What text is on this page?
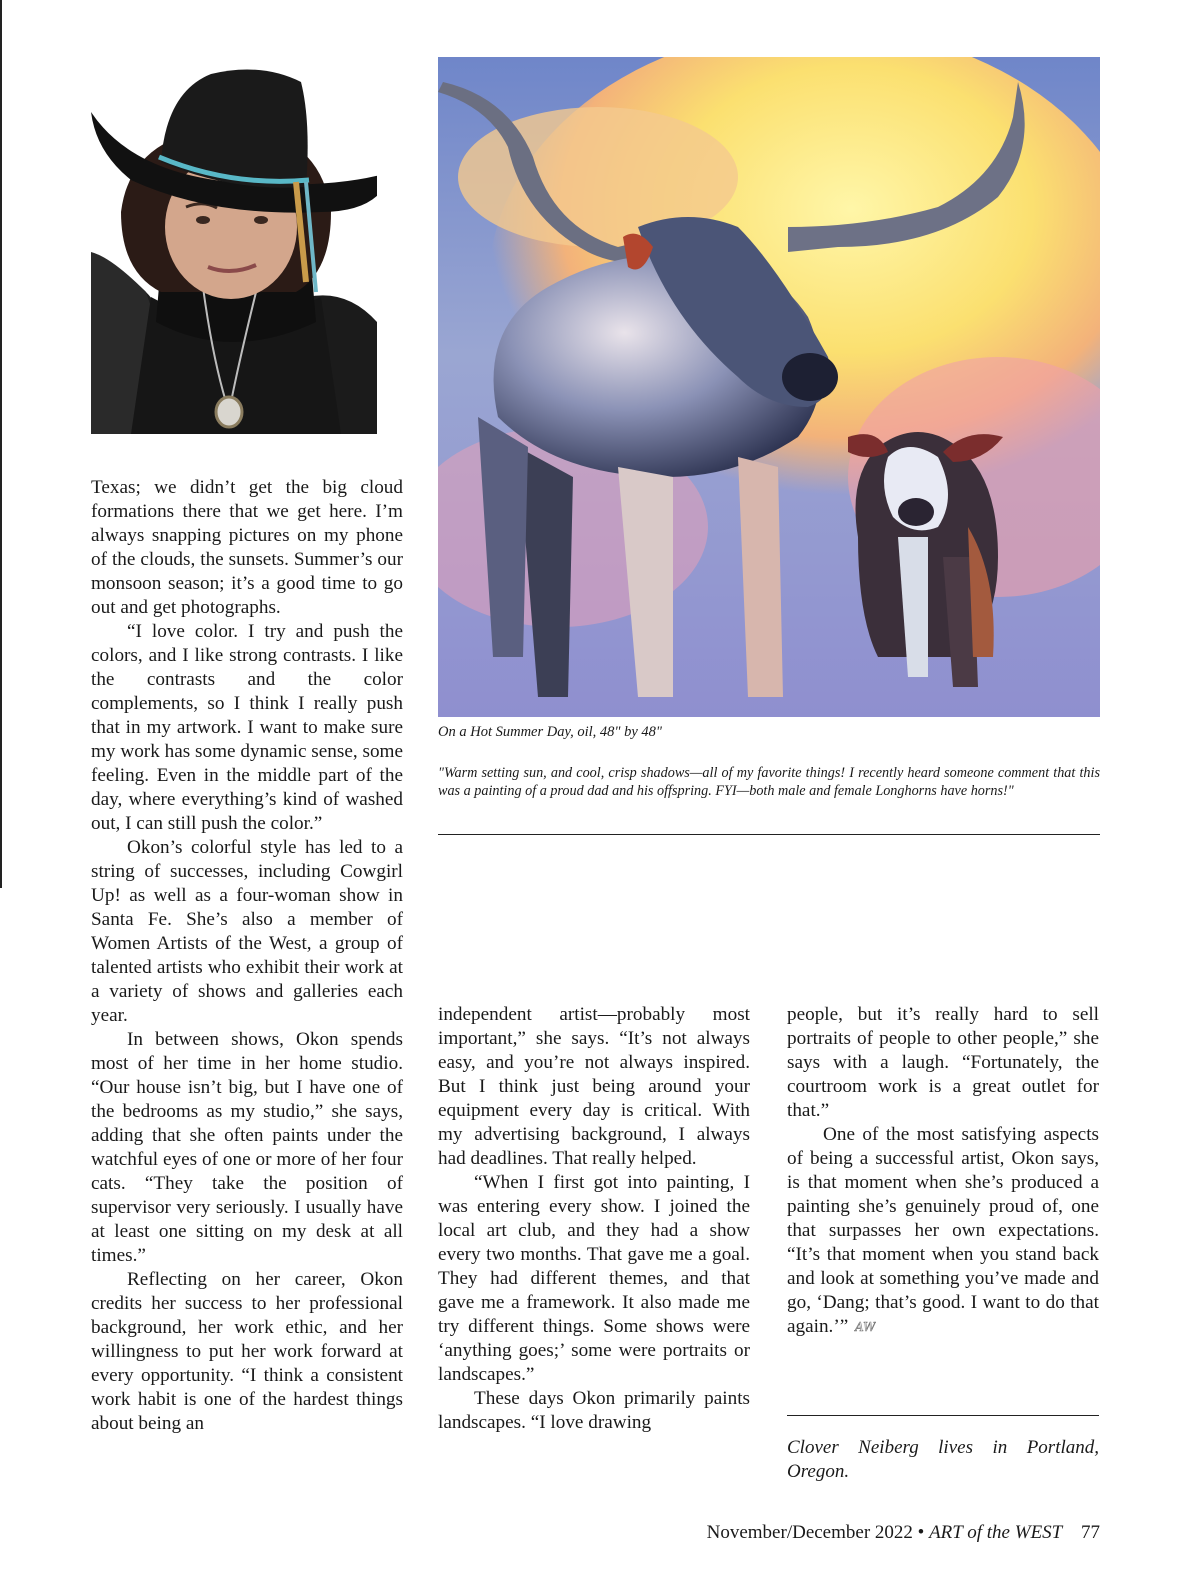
On a Hot Summer Day, oil, 48" by 48"
"Warm setting sun, and cool, crisp shadows—all of my favorite things! I recently heard someone comment that this was a painting of a proud dad and his offspring. FYI—both male and female Longhorns have horns!"

Texas; we didn’t get the big cloud formations there that we get here. I’m always snapping pictures on my phone of the clouds, the sunsets. Summer’s our monsoon season; it’s a good time to go out and get photographs.

“I love color. I try and push the colors, and I like strong contrasts. I like the contrasts and the color complements, so I think I really push that in my artwork. I want to make sure my work has some dynamic sense, some feeling. Even in the middle part of the day, where everything’s kind of washed out, I can still push the color.”

Okon’s colorful style has led to a string of successes, including Cowgirl Up! as well as a four-woman show in Santa Fe. She’s also a member of Women Artists of the West, a group of talented artists who exhibit their work at a variety of shows and galleries each year.

In between shows, Okon spends most of her time in her home studio. “Our house isn’t big, but I have one of the bedrooms as my studio,” she says, adding that she often paints under the watchful eyes of one or more of her four cats. “They take the position of supervisor very seriously. I usually have at least one sitting on my desk at all times.”

Reflecting on her career, Okon credits her success to her professional background, her work ethic, and her willingness to put her work forward at every opportunity. “I think a consistent work habit is one of the hardest things about being an

independent artist—probably most important,” she says. “It’s not always easy, and you’re not always inspired. But I think just being around your equipment every day is critical. With my advertising background, I always had deadlines. That really helped.

“When I first got into painting, I was entering every show. I joined the local art club, and they had a show every two months. That gave me a goal. They had different themes, and that gave me a framework. It also made me try different things. Some shows were ‘anything goes;’ some were portraits or landscapes.”

These days Okon primarily paints landscapes. “I love drawing

people, but it’s really hard to sell portraits of people to other people,” she says with a laugh. “Fortunately, the courtroom work is a great outlet for that.”

One of the most satisfying aspects of being a successful artist, Okon says, is that moment when she’s produced a painting she’s genuinely proud of, one that surpasses her own expectations. “It’s that moment when you stand back and look at something you’ve made and go, ‘Dang; that’s good. I want to do that again.’” AW

Clover Neiberg lives in Portland, Oregon.
November/December 2022 • ART of the WEST 77
